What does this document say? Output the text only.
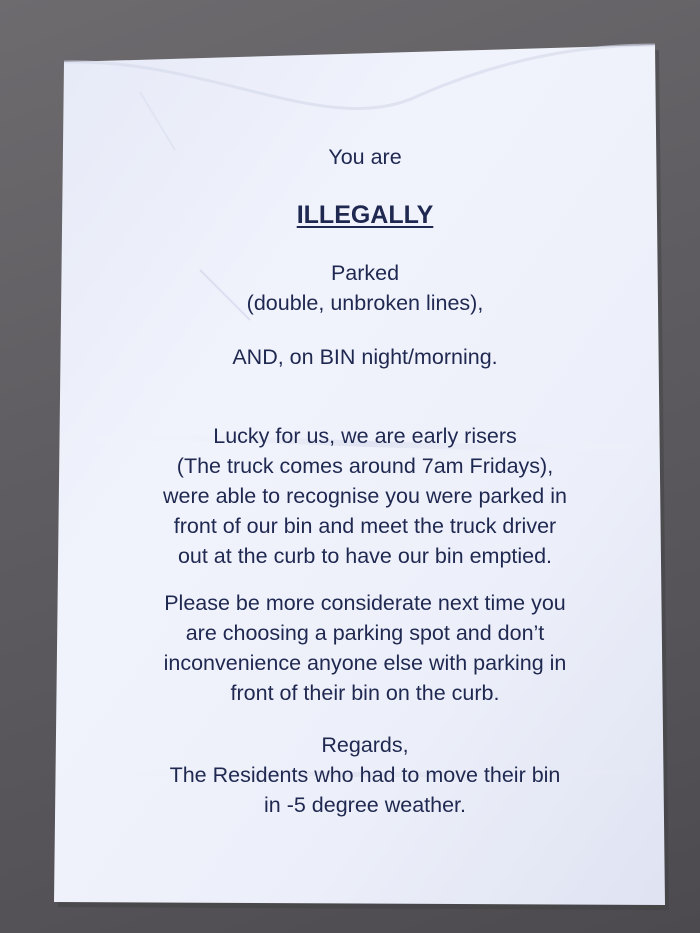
You are
ILLEGALLY
Parked
(double, unbroken lines),
AND, on BIN night/morning.
Lucky for us, we are early risers
(The truck comes around 7am Fridays),
were able to recognise you were parked in
front of our bin and meet the truck driver
out at the curb to have our bin emptied.
Please be more considerate next time you
are choosing a parking spot and don’t
inconvenience anyone else with parking in
front of their bin on the curb.
Regards,
The Residents who had to move their bin
in -5 degree weather.
